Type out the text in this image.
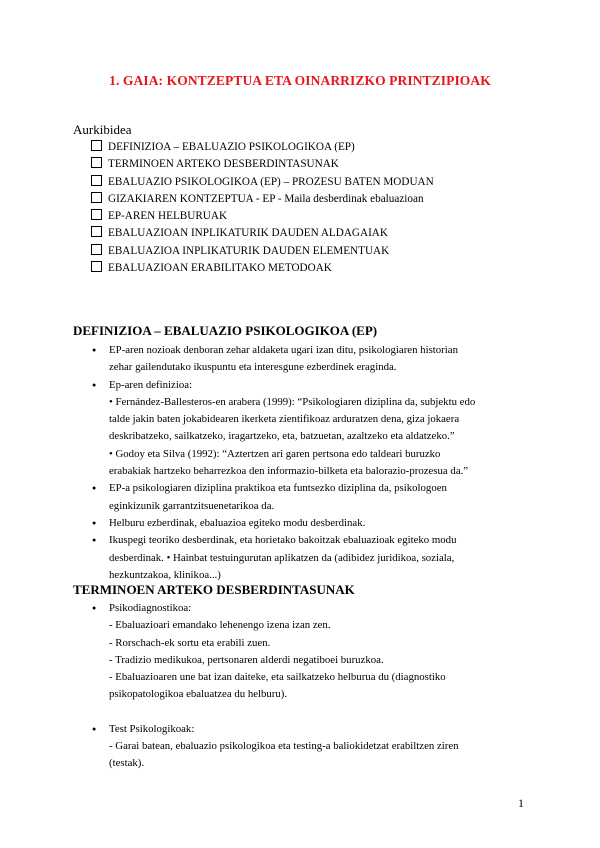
1. GAIA: KONTZEPTUA ETA OINARRIZKO PRINTZIPIOAK
Aurkibidea
DEFINIZIOA – EBALUAZIO PSIKOLOGIKOA (EP)
TERMINOEN ARTEKO DESBERDINTASUNAK
EBALUAZIO PSIKOLOGIKOA (EP) – PROZESU BATEN MODUAN
GIZAKIAREN KONTZEPTUA - EP - Maila desberdinak ebaluazioan
EP-AREN HELBURUAK
EBALUAZIOAN INPLIKATURIK DAUDEN ALDAGAIAK
EBALUAZIOA INPLIKATURIK DAUDEN ELEMENTUAK
EBALUAZIOAN ERABILITAKO METODOAK
DEFINIZIOA – EBALUAZIO PSIKOLOGIKOA (EP)
● EP-aren nozioak denboran zehar aldaketa ugari izan ditu, psikologiaren historian
zehar gailendutako ikuspuntu eta interesgune ezberdinek eraginda.
● Ep-aren definizioa:
• Fernández-Ballesteros-en arabera (1999): “Psikologiaren diziplina da, subjektu edo
talde jakin baten jokabidearen ikerketa zientifikoaz arduratzen dena, giza jokaera
deskribatzeko, sailkatzeko, iragartzeko, eta, batzuetan, azaltzeko eta aldatzeko.”
• Godoy eta Silva (1992): “Aztertzen ari garen pertsona edo taldeari buruzko
erabakiak hartzeko beharrezkoa den informazio-bilketa eta balorazio-prozesua da.”
● EP-a psikologiaren diziplina praktikoa eta funtsezko diziplina da, psikologoen
eginkizunik garrantzitsuenetarikoa da.
● Helburu ezberdinak, ebaluazioa egiteko modu desberdinak.
● Ikuspegi teoriko desberdinak, eta horietako bakoitzak ebaluazioak egiteko modu
desberdinak. • Hainbat testuingurutan aplikatzen da (adibidez juridikoa, soziala,
hezkuntzakoa, klinikoa...)
TERMINOEN ARTEKO DESBERDINTASUNAK
● Psikodiagnostikoa:
- Ebaluazioari emandako lehenengo izena izan zen.
- Rorschach-ek sortu eta erabili zuen.
- Tradizio medikukoa, pertsonaren alderdi negatiboei buruzkoa.
- Ebaluazioaren une bat izan daiteke, eta sailkatzeko helburua du (diagnostiko
psikopatologikoa ebaluatzea du helburu).
● Test Psikologikoak:
- Garai batean, ebaluazio psikologikoa eta testing-a baliokidetzat erabiltzen ziren
(testak).
1
